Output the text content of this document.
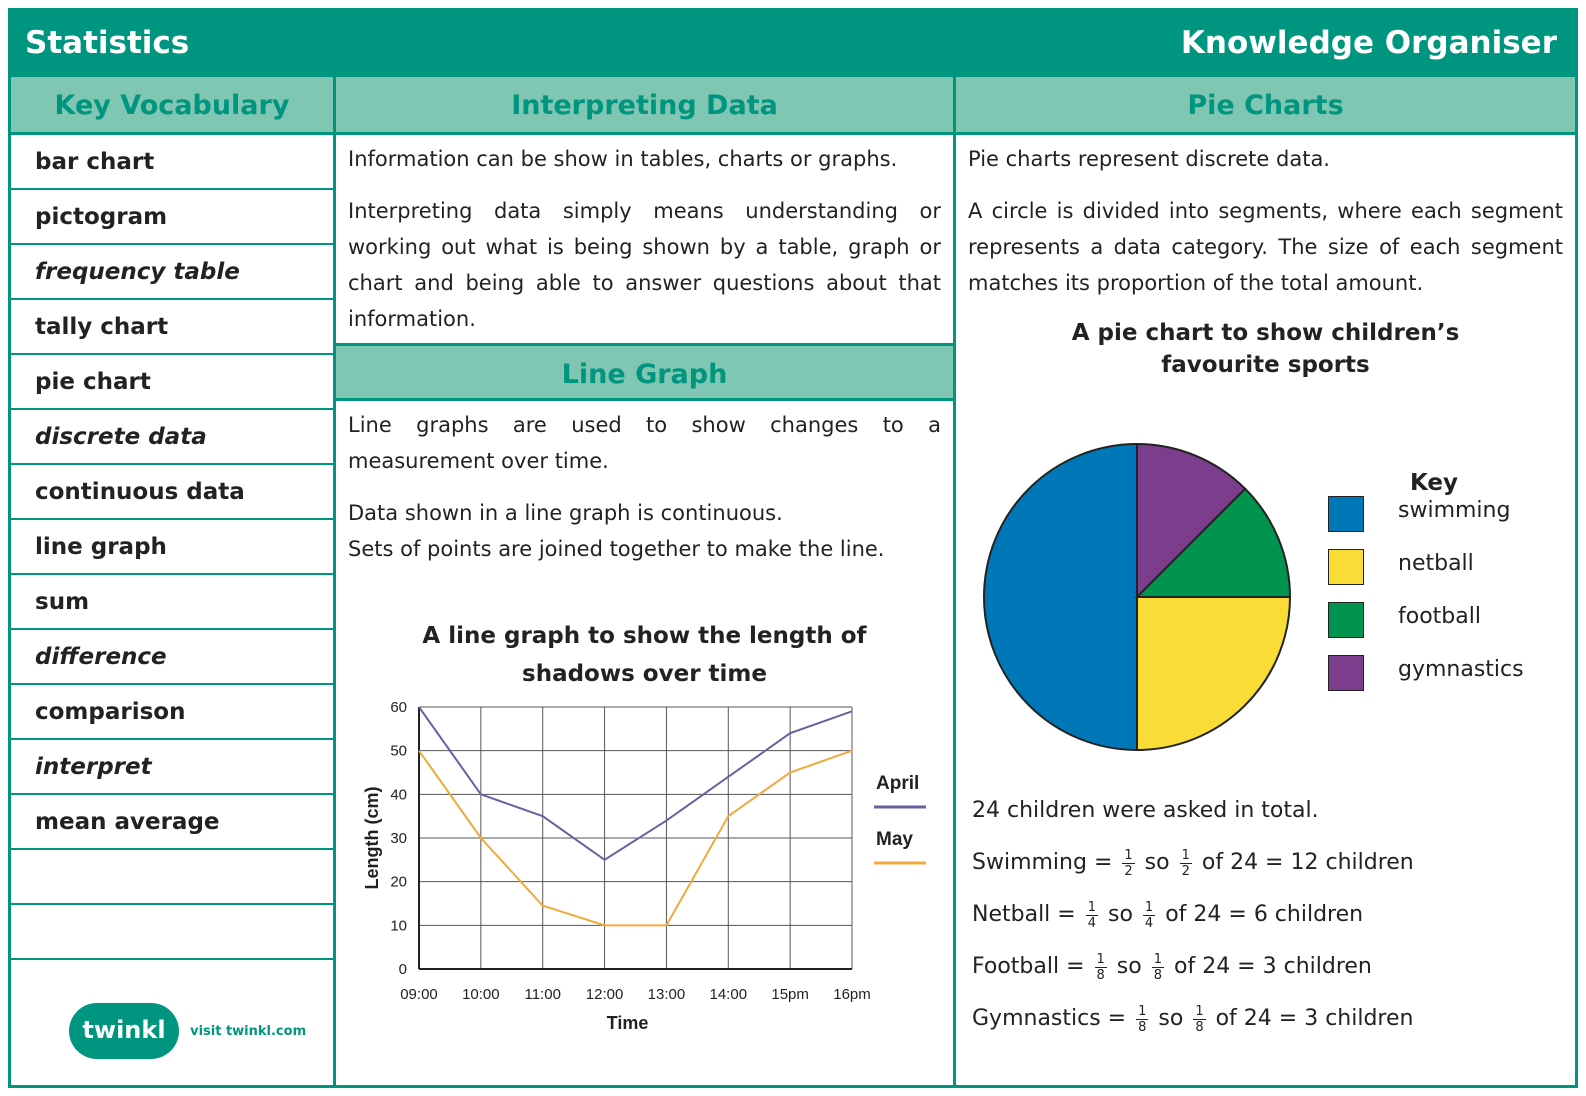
Statistics	Knowledge Organiser
Key Vocabulary
bar chart
pictogram
frequency table
tally chart
pie chart
discrete data
continuous data
line graph
sum
difference
comparison
interpret
mean average
twinkl visit twinkl.com
Interpreting Data

Information can be show in tables, charts or graphs.

Interpreting data simply means understanding or working out what is being shown by a table, graph or chart and being able to answer questions about that information.

Line Graph

Line graphs are used to show changes to a measurement over time.

Data shown in a line graph is continuous.

Sets of points are joined together to make the line.

A line graph to show the length of
shadows over time
0
10
20
30
40
50
60
09:00 10:00 11:00 12:00 13:00 14:00 15pm 16pm
Time
Length (cm)
April
May
Pie Charts

Pie charts represent discrete data.

A circle is divided into segments, where each segment represents a data category. The size of each segment matches its proportion of the total amount.

A pie chart to show children’s
favourite sports
Key
swimming
netball
football
gymnastics
24 children were asked in total.
Swimming = $\frac{1}{2}$ so $\frac{1}{2}$ of 24 = 12 children
Netball = $\frac{1}{4}$ so $\frac{1}{4}$ of 24 = 6 children
Football = $\frac{1}{8}$ so $\frac{1}{8}$ of 24 = 3 children
Gymnastics = $\frac{1}{8}$ so $\frac{1}{8}$ of 24 = 3 children
